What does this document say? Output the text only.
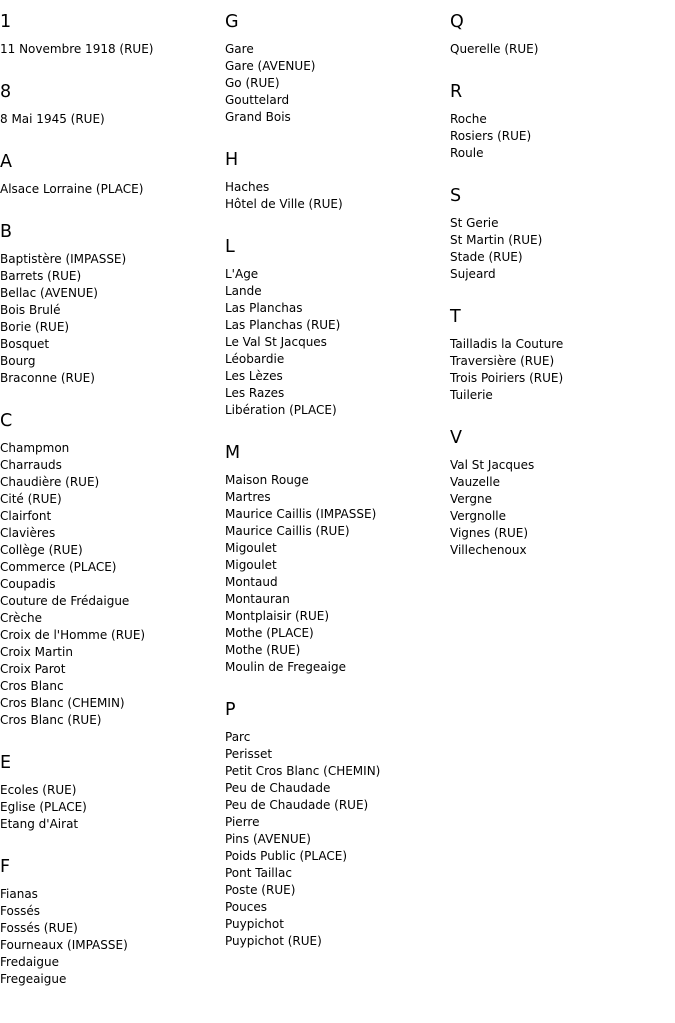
1
11 Novembre 1918 (RUE)
8
8 Mai 1945 (RUE)
A
Alsace Lorraine (PLACE)
B
Baptistère (IMPASSE)
Barrets (RUE)
Bellac (AVENUE)
Bois Brulé
Borie (RUE)
Bosquet
Bourg
Braconne (RUE)
C
Champmon
Charrauds
Chaudière (RUE)
Cité (RUE)
Clairfont
Clavières
Collège (RUE)
Commerce (PLACE)
Coupadis
Couture de Frédaigue
Crèche
Croix de l'Homme (RUE)
Croix Martin
Croix Parot
Cros Blanc
Cros Blanc (CHEMIN)
Cros Blanc (RUE)
E
Ecoles (RUE)
Eglise (PLACE)
Etang d'Airat
F
Fianas
Fossés
Fossés (RUE)
Fourneaux (IMPASSE)
Fredaigue
Fregeaigue
G
Gare
Gare (AVENUE)
Go (RUE)
Gouttelard
Grand Bois
H
Haches
Hôtel de Ville (RUE)
L
L'Age
Lande
Las Planchas
Las Planchas (RUE)
Le Val St Jacques
Léobardie
Les Lèzes
Les Razes
Libération (PLACE)
M
Maison Rouge
Martres
Maurice Caillis (IMPASSE)
Maurice Caillis (RUE)
Migoulet
Migoulet
Montaud
Montauran
Montplaisir (RUE)
Mothe (PLACE)
Mothe (RUE)
Moulin de Fregeaige
P
Parc
Perisset
Petit Cros Blanc (CHEMIN)
Peu de Chaudade
Peu de Chaudade (RUE)
Pierre
Pins (AVENUE)
Poids Public (PLACE)
Pont Taillac
Poste (RUE)
Pouces
Puypichot
Puypichot (RUE)
Q
Querelle (RUE)
R
Roche
Rosiers (RUE)
Roule
S
St Gerie
St Martin (RUE)
Stade (RUE)
Sujeard
T
Tailladis la Couture
Traversière (RUE)
Trois Poiriers (RUE)
Tuilerie
V
Val St Jacques
Vauzelle
Vergne
Vergnolle
Vignes (RUE)
Villechenoux
